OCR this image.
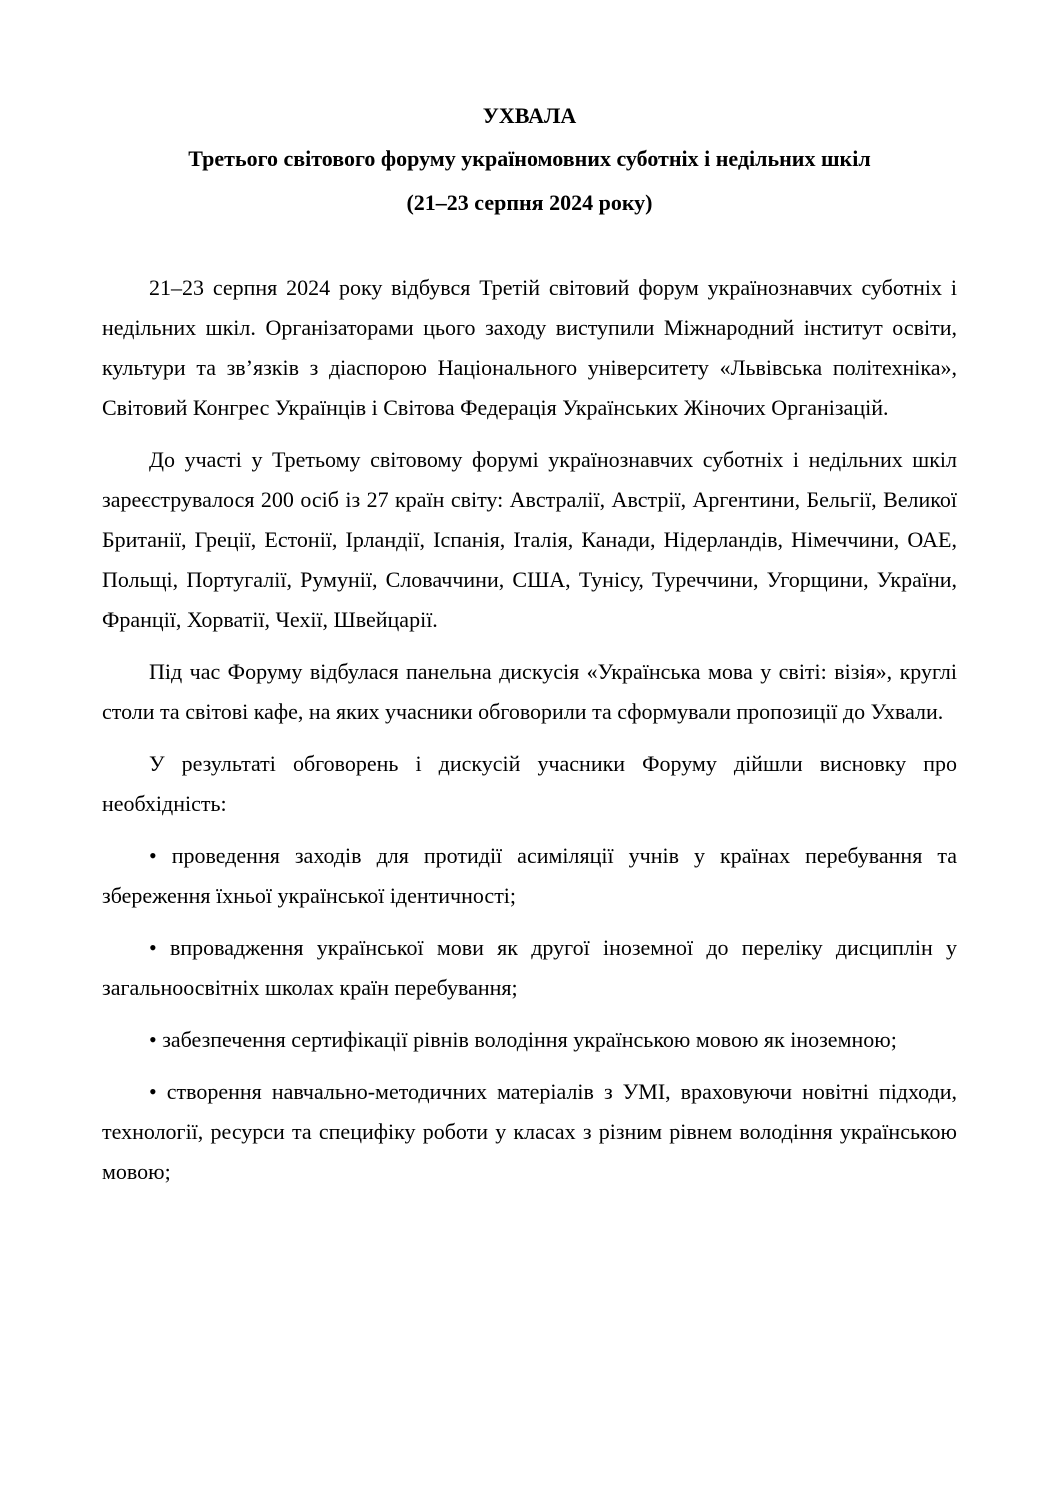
УХВАЛА
Третього світового форуму україномовних суботніх і недільних шкіл
(21–23 серпня 2024 року)

21–23 серпня 2024 року відбувся Третій світовий форум українознавчих суботніх і недільних шкіл. Організаторами цього заходу виступили Міжнародний інститут освіти, культури та зв’язків з діаспорою Національного університету «Львівська політехніка», Світовий Конгрес Українців і Світова Федерація Українських Жіночих Організацій.

До участі у Третьому світовому форумі українознавчих суботніх і недільних шкіл зареєструвалося 200 осіб із 27 країн світу: Австралії, Австрії, Аргентини, Бельгії, Великої Британії, Греції, Естонії, Ірландії, Іспанія, Італія, Канади, Нідерландів, Німеччини, ОАЕ, Польщі, Португалії, Румунії, Словаччини, США, Тунісу, Туреччини, Угорщини, України, Франції, Хорватії, Чехії, Швейцарії.

Під час Форуму відбулася панельна дискусія «Українська мова у світі: візія», круглі столи та світові кафе, на яких учасники обговорили та сформували пропозиції до Ухвали.

У результаті обговорень і дискусій учасники Форуму дійшли висновку про необхідність:

• проведення заходів для протидії асиміляції учнів у країнах перебування та збереження їхньої української ідентичності;

• впровадження української мови як другої іноземної до переліку дисциплін у загальноосвітніх школах країн перебування;

• забезпечення сертифікації рівнів володіння українською мовою як іноземною;

• створення навчально-методичних матеріалів з УМІ, враховуючи новітні підходи, технології, ресурси та специфіку роботи у класах з різним рівнем володіння українською мовою;
